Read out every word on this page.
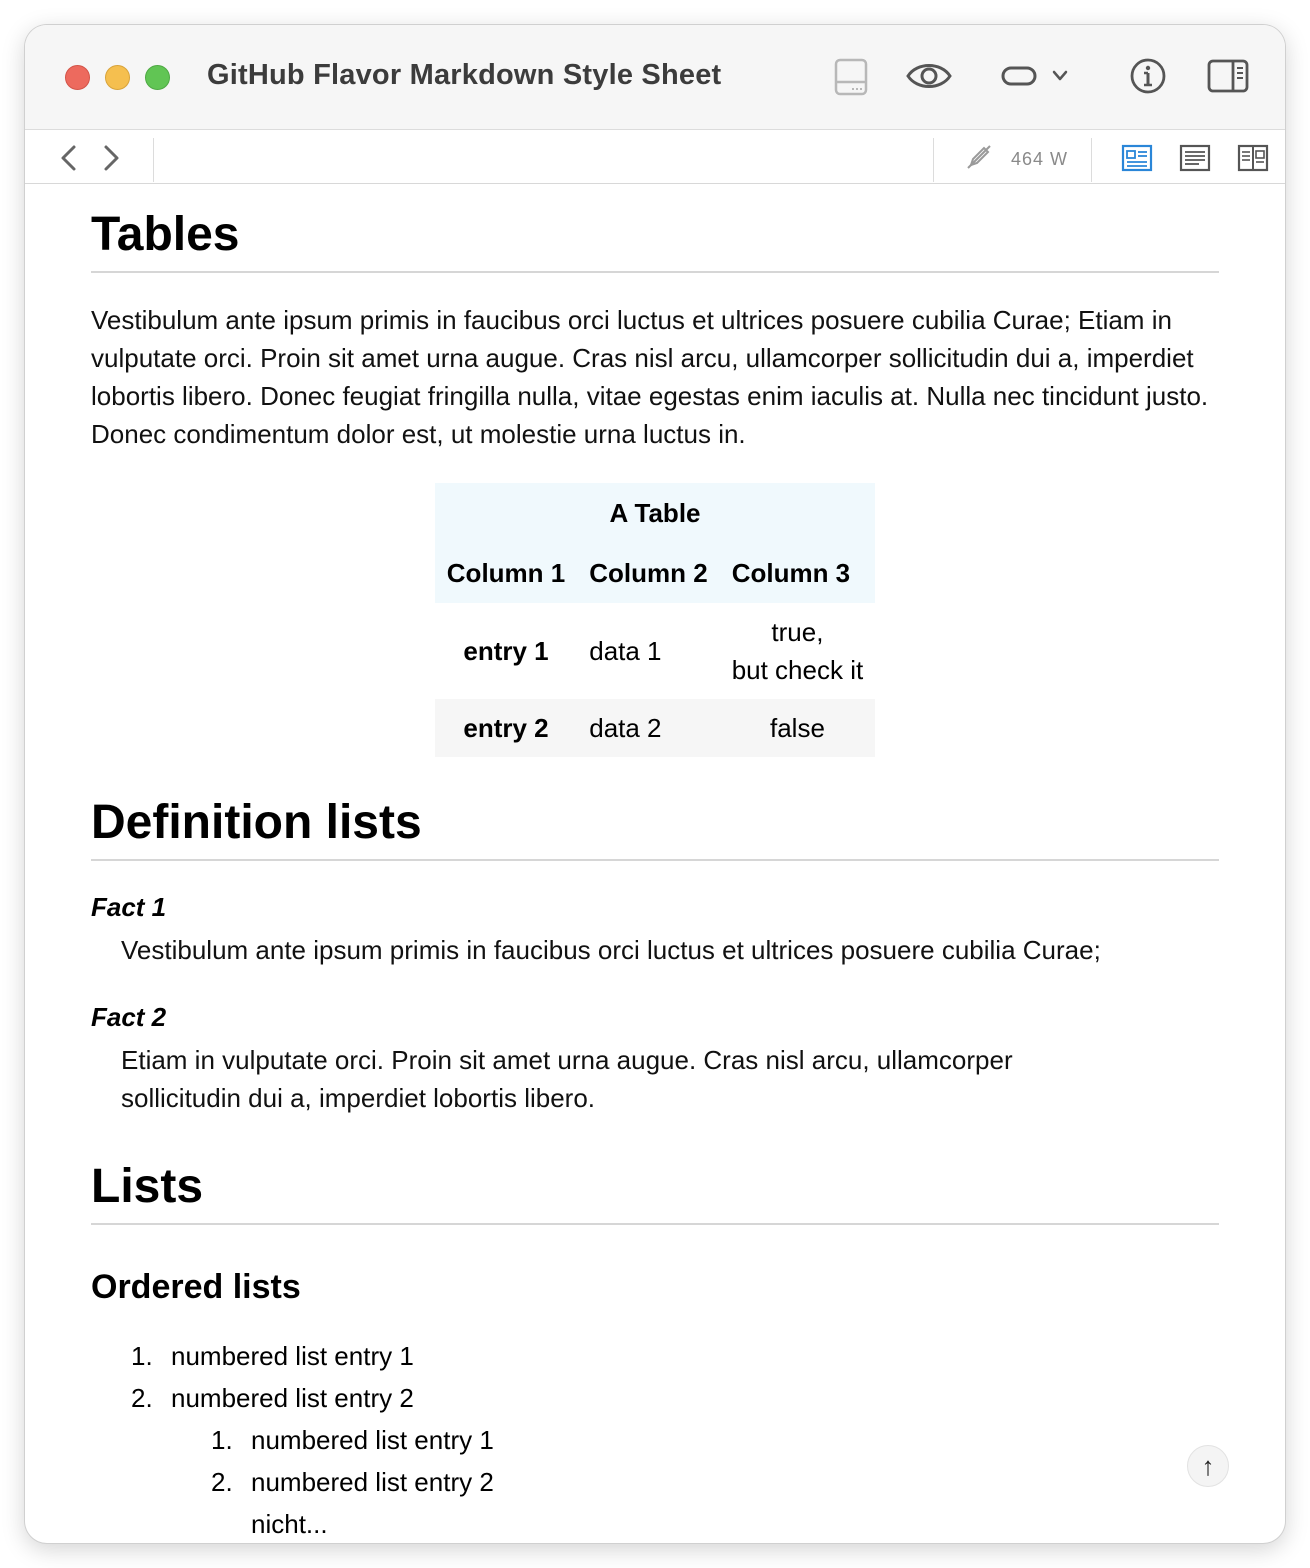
GitHub Flavor Markdown Style Sheet
464 W
Tables
Vestibulum ante ipsum primis in faucibus orci luctus et ultrices posuere cubilia Curae; Etiam in vulputate orci. Proin sit amet urna augue. Cras nisl arcu, ullamcorper sollicitudin dui a, imperdiet lobortis libero. Donec feugiat fringilla nulla, vitae egestas enim iaculis at. Nulla nec tincidunt justo. Donec condimentum dolor est, ut molestie urna luctus in.
A Table
Column 1	Column 2	Column 3
entry 1	data 1	true,
but check it
entry 2	data 2	false
Definition lists
Fact 1
Vestibulum ante ipsum primis in faucibus orci luctus et ultrices posuere cubilia Curae;
Fact 2
Etiam in vulputate orci. Proin sit amet urna augue. Cras nisl arcu, ullamcorper sollicitudin dui a, imperdiet lobortis libero.
Lists
Ordered lists
1. numbered list entry 1
2. numbered list entry 2
1. numbered list entry 1
2. numbered list entry 2
nicht...
↑
